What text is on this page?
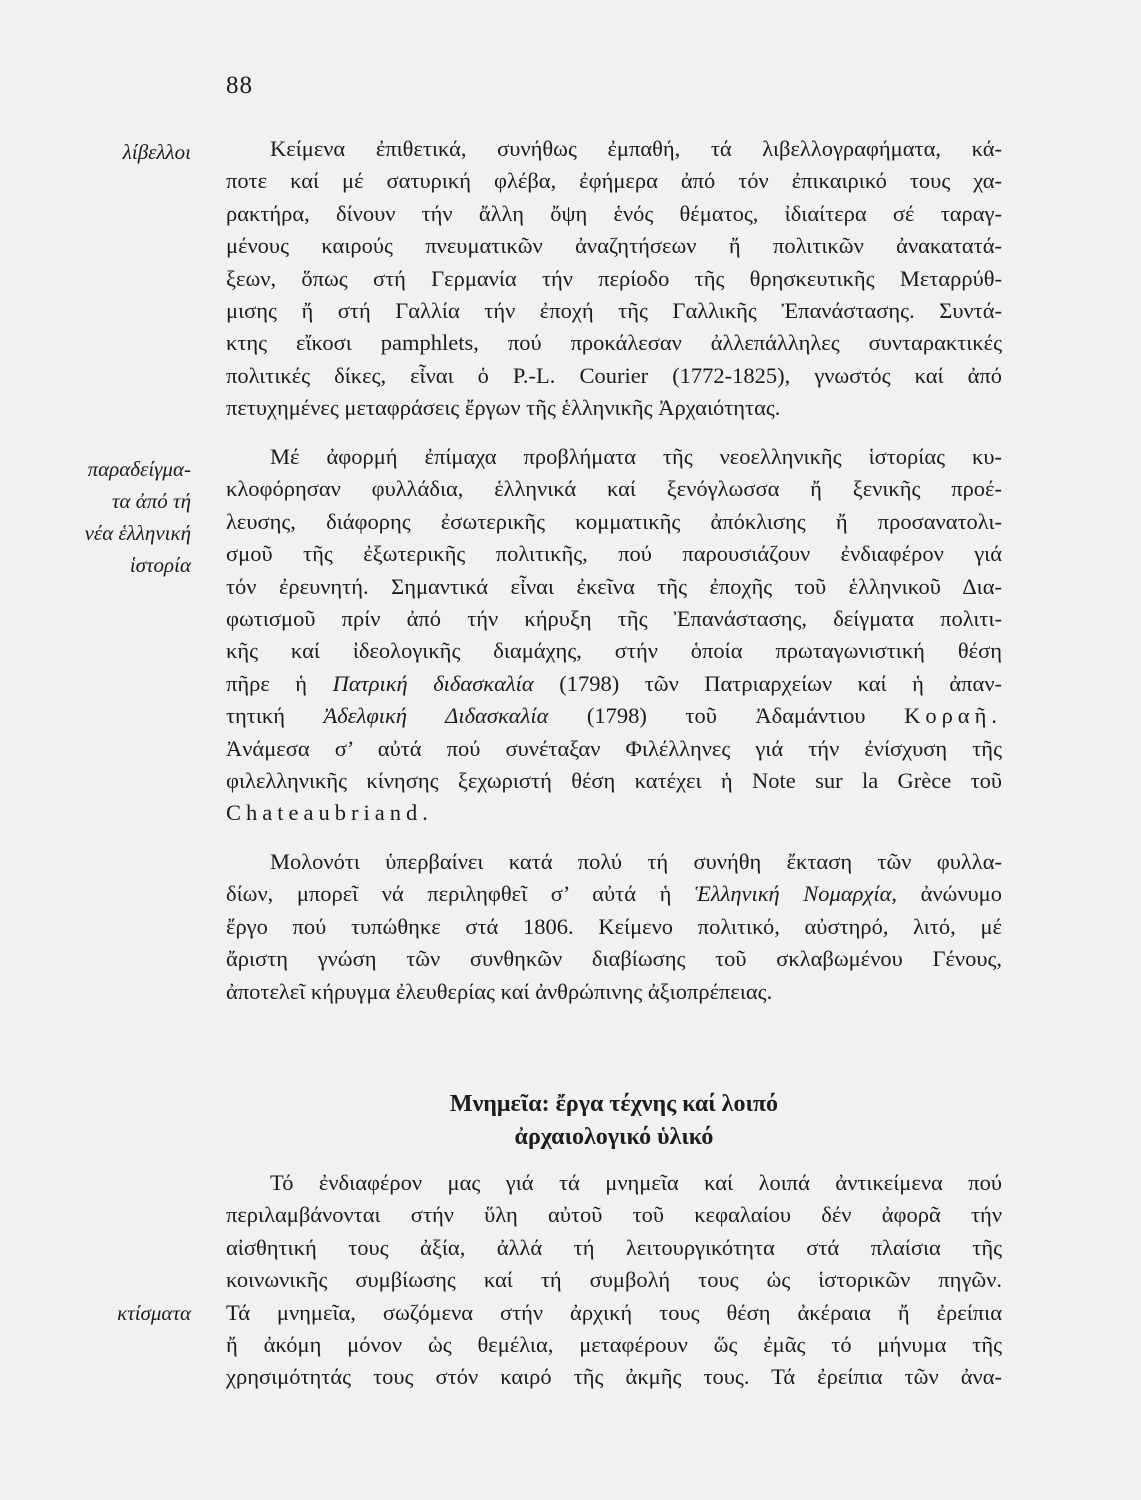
88
λίβελλοι
παραδείγμα-
τα ἀπό τή
νέα ἑλληνική
ἱστορία
κτίσματα
Κείμενα ἐπιθετικά, συνήθως ἐμπαθή, τά λιβελλογραφήματα, κά-
ποτε καί μέ σατυρική φλέβα, ἐφήμερα ἀπό τόν ἐπικαιρικό τους χα-
ρακτήρα, δίνουν τήν ἄλλη ὄψη ἑνός θέματος, ἰδιαίτερα σέ ταραγ-
μένους καιρούς πνευματικῶν ἀναζητήσεων ἤ πολιτικῶν ἀνακατατά-
ξεων, ὅπως στή Γερμανία τήν περίοδο τῆς θρησκευτικῆς Μεταρρύθ-
μισης ἤ στή Γαλλία τήν ἐποχή τῆς Γαλλικῆς Ἐπανάστασης. Συντά-
κτης εἴκοσι pamphlets, πού προκάλεσαν ἀλλεπάλληλες συνταρακτικές
πολιτικές δίκες, εἶναι ὁ P.-L. Courier (1772-1825), γνωστός καί ἀπό
πετυχημένες μεταφράσεις ἔργων τῆς ἑλληνικῆς Ἀρχαιότητας.
Μέ ἀφορμή ἐπίμαχα προβλήματα τῆς νεοελληνικῆς ἱστορίας κυ-
κλοφόρησαν φυλλάδια, ἑλληνικά καί ξενόγλωσσα ἤ ξενικῆς προέ-
λευσης, διάφορης ἐσωτερικῆς κομματικῆς ἀπόκλισης ἤ προσανατολι-
σμοῦ τῆς ἐξωτερικῆς πολιτικῆς, πού παρουσιάζουν ἐνδιαφέρον γιά
τόν ἐρευνητή. Σημαντικά εἶναι ἐκεῖνα τῆς ἐποχῆς τοῦ ἑλληνικοῦ Δια-
φωτισμοῦ πρίν ἀπό τήν κήρυξη τῆς Ἐπανάστασης, δείγματα πολιτι-
κῆς καί ἰδεολογικῆς διαμάχης, στήν ὁποία πρωταγωνιστική θέση
πῆρε ἡ Πατρική διδασκαλία (1798) τῶν Πατριαρχείων καί ἡ ἀπαν-
τητική Ἀδελφική Διδασκαλία (1798) τοῦ Ἀδαμάντιου Κοραῆ.
Ἀνάμεσα σ’ αὐτά πού συνέταξαν Φιλέλληνες γιά τήν ἐνίσχυση τῆς
φιλελληνικῆς κίνησης ξεχωριστή θέση κατέχει ἡ Note sur la Grèce τοῦ
Chateaubriand.
Μολονότι ὑπερβαίνει κατά πολύ τή συνήθη ἔκταση τῶν φυλλα-
δίων, μπορεῖ νά περιληφθεῖ σ’ αὐτά ἡ Ἑλληνική Νομαρχία, ἀνώνυμο
ἔργο πού τυπώθηκε στά 1806. Κείμενο πολιτικό, αὐστηρό, λιτό, μέ
ἄριστη γνώση τῶν συνθηκῶν διαβίωσης τοῦ σκλαβωμένου Γένους,
ἀποτελεῖ κήρυγμα ἐλευθερίας καί ἀνθρώπινης ἀξιοπρέπειας.
Μνημεῖα: ἔργα τέχνης καί λοιπό
ἀρχαιολογικό ὑλικό
Τό ἐνδιαφέρον μας γιά τά μνημεῖα καί λοιπά ἀντικείμενα πού
περιλαμβάνονται στήν ὕλη αὐτοῦ τοῦ κεφαλαίου δέν ἀφορᾶ τήν
αἰσθητική τους ἀξία, ἀλλά τή λειτουργικότητα στά πλαίσια τῆς
κοινωνικῆς συμβίωσης καί τή συμβολή τους ὡς ἱστορικῶν πηγῶν.
Τά μνημεῖα, σωζόμενα στήν ἀρχική τους θέση ἀκέραια ἤ ἐρείπια
ἤ ἀκόμη μόνον ὡς θεμέλια, μεταφέρουν ὥς ἐμᾶς τό μήνυμα τῆς
χρησιμότητάς τους στόν καιρό τῆς ἀκμῆς τους. Τά ἐρείπια τῶν ἀνα-
